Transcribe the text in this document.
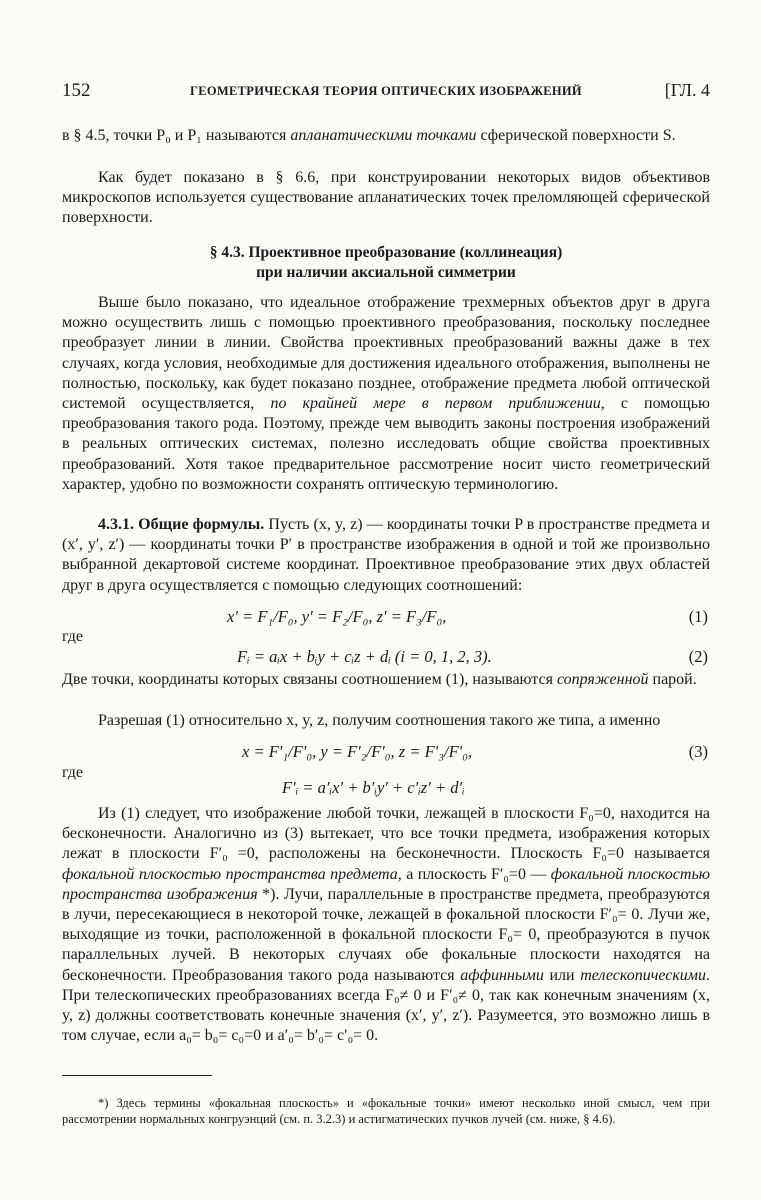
152	ГЕОМЕТРИЧЕСКАЯ ТЕОРИЯ ОПТИЧЕСКИХ ИЗОБРАЖЕНИЙ	[ГЛ. 4

в § 4.5, точки P₀ и P₁ называются апланатическими точками сферической поверхности S.

Как будет показано в § 6.6, при конструировании некоторых видов объективов микроскопов используется существование апланатических точек преломляющей сферической поверхности.

§ 4.3. Проективное преобразование (коллинеация)
при наличии аксиальной симметрии

Выше было показано, что идеальное отображение трехмерных объектов друг в друга можно осуществить лишь с помощью проективного преобразования, поскольку последнее преобразует линии в линии. Свойства проективных преобразований важны даже в тех случаях, когда условия, необходимые для достижения идеального отображения, выполнены не полностью, поскольку, как будет показано позднее, отображение предмета любой оптической системой осуществляется, по крайней мере в первом приближении, с помощью преобразования такого рода. Поэтому, прежде чем выводить законы построения изображений в реальных оптических системах, полезно исследовать общие свойства проективных преобразований. Хотя такое предварительное рассмотрение носит чисто геометрический характер, удобно по возможности сохранять оптическую терминологию.

4.3.1. Общие формулы. Пусть (x, y, z) — координаты точки P в пространстве предмета и (x′, y′, z′) — координаты точки P′ в пространстве изображения в одной и той же произвольно выбранной декартовой системе координат. Проективное преобразование этих двух областей друг в друга осуществляется с помощью следующих соотношений:

x′ = F₁/F₀, y′ = F₂/F₀, z′ = F₃/F₀,	(1)
где
Fᵢ = aᵢx + bᵢy + cᵢz + dᵢ (i = 0, 1, 2, 3).	(2)

Две точки, координаты которых связаны соотношением (1), называются сопряженной парой.

Разрешая (1) относительно x, y, z, получим соотношения такого же типа, а именно

x = F′₁/F′₀, y = F′₂/F′₀, z = F′₃/F′₀,	(3)
где
F′ᵢ = a′ᵢx′ + b′ᵢy′ + c′ᵢz′ + d′ᵢ

Из (1) следует, что изображение любой точки, лежащей в плоскости F₀=0, находится на бесконечности. Аналогично из (3) вытекает, что все точки предмета, изображения которых лежат в плоскости F′₀ =0, расположены на бесконечности. Плоскость F₀=0 называется фокальной плоскостью пространства предмета, а плоскость F′₀=0 — фокальной плоскостью пространства изображения *). Лучи, параллельные в пространстве предмета, преобразуются в лучи, пересекающиеся в некоторой точке, лежащей в фокальной плоскости F′₀= 0. Лучи же, выходящие из точки, расположенной в фокальной плоскости F₀= 0, преобразуются в пучок параллельных лучей. В некоторых случаях обе фокальные плоскости находятся на бесконечности. Преобразования такого рода называются аффинными или телескопическими. При телескопических преобразованиях всегда F₀≠ 0 и F′₀≠ 0, так как конечным значениям (x, y, z) должны соответствовать конечные значения (x′, y′, z′). Разумеется, это возможно лишь в том случае, если a₀= b₀= c₀=0 и a′₀= b′₀= c′₀= 0.

*) Здесь термины «фокальная плоскость» и «фокальные точки» имеют несколько иной смысл, чем при рассмотрении нормальных конгруэнций (см. п. 3.2.3) и астигматических пучков лучей (см. ниже, § 4.6).
